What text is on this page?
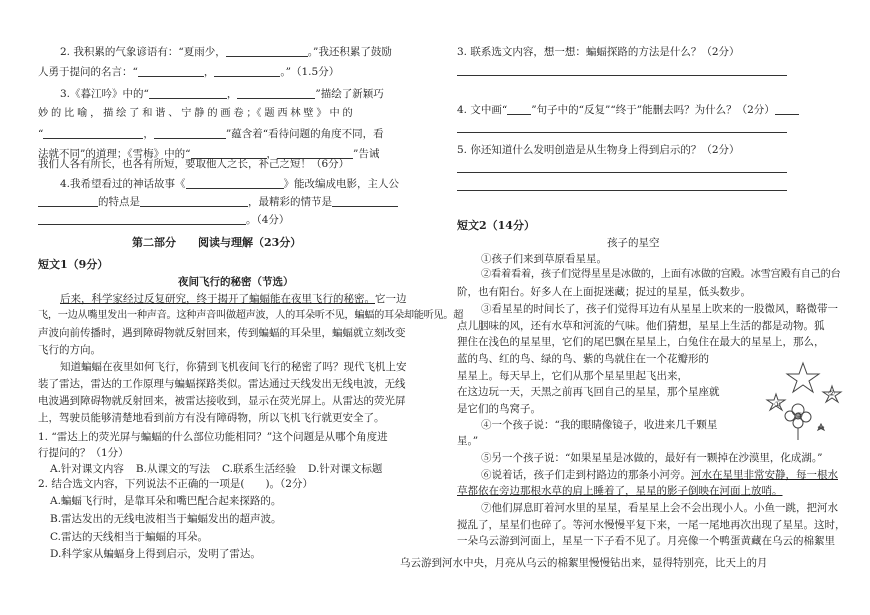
2. 我积累的气象谚语有：“夏雨少，	。”我还积累了鼓励
人勇于提问的名言：“	，	。”（1.5分）
3.《暮江吟》中的“	，	”描绘了新颖巧
妙 的 比 喻 ， 描 绘 了 和 谐 、 宁 静 的 画 卷 ；《 题 西 林 壁 》 中 的
“	，	”蕴含着“看待问题的角度不同，看
法就不同”的道理；《雪梅》中的“	，	”告诫
我们人各有所长，也各有所短，要取他人之长，补己之短！（6分）
4.我希望看过的神话故事《	》能改编成电影，主人公
的特点是	，最精彩的情节是
。（4分）
第二部分　　阅读与理解（23分）
短文1（9分）
夜间飞行的秘密（节选）
后来，科学家经过反复研究，终于揭开了蝙蝠能在夜里飞行的秘密。它一边
飞，一边从嘴里发出一种声音。这种声音叫做超声波，人的耳朵听不见，蝙蝠的耳朵却能听见。超
声波向前传播时，遇到障碍物就反射回来，传到蝙蝠的耳朵里，蝙蝠就立刻改变
飞行的方向。
知道蝙蝠在夜里如何飞行，你猜到飞机夜间飞行的秘密了吗？现代飞机上安
装了雷达，雷达的工作原理与蝙蝠探路类似。雷达通过天线发出无线电波，无线
电波遇到障碍物就反射回来，被雷达接收到，显示在荧光屏上。从雷达的荧光屏
上，驾驶员能够清楚地看到前方有没有障碍物，所以飞机飞行就更安全了。
1. “雷达上的荧光屏与蝙蝠的什么部位功能相同？”这个问题是从哪个角度进
行提问的？（1分）
A.针对课文内容 B.从课文的写法 C.联系生活经验 D.针对课文标题
2. 结合选文内容，下列说法不正确的一项是(　　)。（2分）
A.蝙蝠飞行时，是靠耳朵和嘴巴配合起来探路的。
B.雷达发出的无线电波相当于蝙蝠发出的超声波。
C.雷达的天线相当于蝙蝠的耳朵。
D.科学家从蝙蝠身上得到启示，发明了雷达。
3. 联系选文内容，想一想：蝙蝠探路的方法是什么？（2分）
4. 文中画“ ”句子中的“反复”“终于”能删去吗？为什么？（2分）
5. 你还知道什么发明创造是从生物身上得到启示的？（2分）
短文2（14分）
孩子的星空
①孩子们来到草原看星星。
②看着看着，孩子们觉得星星是冰做的，上面有冰做的宫殿。冰雪宫殿有自己的台
阶，也有阳台。好多人在上面捉迷藏；捉过的星星，低头数步。
③看星星的时间长了，孩子们觉得耳边有从星星上吹来的一股微风，略微带一
点儿胭味的风，还有水草和河流的气味。他们猜想，星星上生活的都是动物。狐
狸住在浅色的星星里，它们的尾巴飘在星星上，白兔住在最大的星星上，那么，
蓝的鸟、红的鸟、绿的鸟、紫的鸟就住在一个花瓣形的
星星上。每天早上，它们从那个星星里起飞出来，
在这边玩一天，天黑之前再飞回自己的星星，那个星座就
是它们的鸟窝子。
④一个孩子说：“我的眼睛像镜子，收进来几千颗星
星。”
⑤另一个孩子说：“如果星星是冰做的，最好有一颗掉在沙漠里，化成湖。”
⑥说着话，孩子们走到村路边的那条小河旁。河水在星里非常安静，每一根水
草都依在旁边那根水草的肩上睡着了，星星的影子倒映在河面上放哨。
⑦他们屏息盯着河水里的星星，看星星上会不会出现小人。小鱼一跳，把河水
搅乱了，星星们也碎了。等河水慢慢平复下来，一尾一尾地再次出现了星星。这时，
一朵乌云游到河面上，星星一下子看不见了。月亮像一个鸭蛋黄藏在乌云的棉絮里
乌云游到河水中央，月亮从乌云的棉絮里慢慢钻出来，显得特别亮，比天上的月
①
②
③
